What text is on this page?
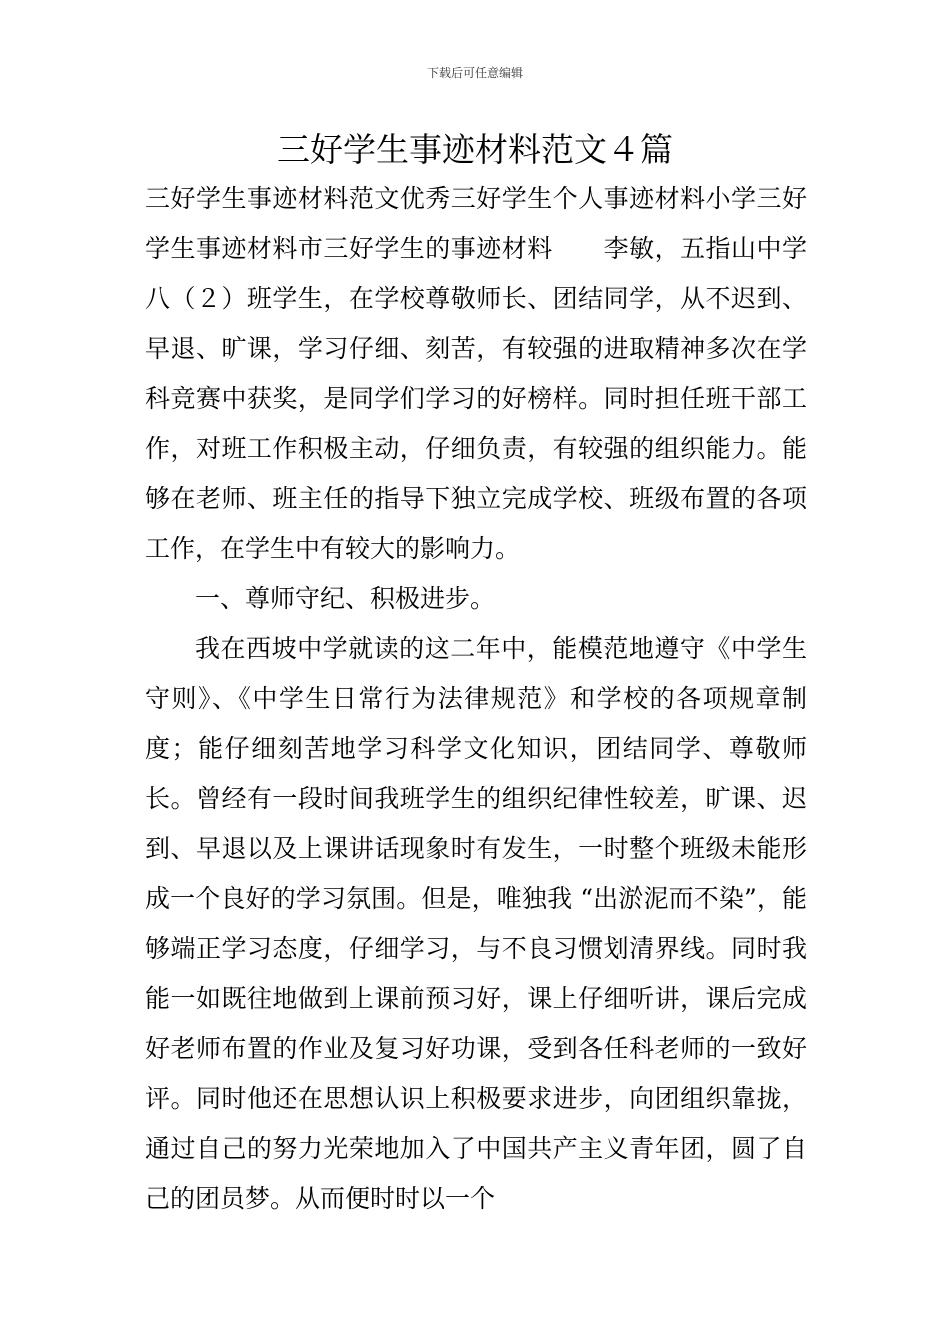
下载后可任意编辑
三好学生事迹材料范文４篇

三好学生事迹材料范文优秀三好学生个人事迹材料小学三好学生事迹材料市三好学生的事迹材料　　李敏，五指山中学八（２）班学生，在学校尊敬师长、团结同学，从不迟到、早退、旷课，学习仔细、刻苦，有较强的进取精神多次在学科竞赛中获奖，是同学们学习的好榜样。同时担任班干部工作，对班工作积极主动，仔细负责，有较强的组织能力。能够在老师、班主任的指导下独立完成学校、班级布置的各项工作，在学生中有较大的影响力。

一、尊师守纪、积极进步。

我在西坡中学就读的这二年中，能模范地遵守《中学生守则》、《中学生日常行为法律规范》和学校的各项规章制度；能仔细刻苦地学习科学文化知识，团结同学、尊敬师长。曾经有一段时间我班学生的组织纪律性较差，旷课、迟到、早退以及上课讲话现象时有发生，一时整个班级未能形成一个良好的学习氛围。但是，唯独我 “出淤泥而不染”，能够端正学习态度，仔细学习，与不良习惯划清界线。同时我能一如既往地做到上课前预习好，课上仔细听讲，课后完成好老师布置的作业及复习好功课，受到各任科老师的一致好评。同时他还在思想认识上积极要求进步，向团组织靠拢，通过自己的努力光荣地加入了中国共产主义青年团，圆了自己的团员梦。从而便时时以一个
